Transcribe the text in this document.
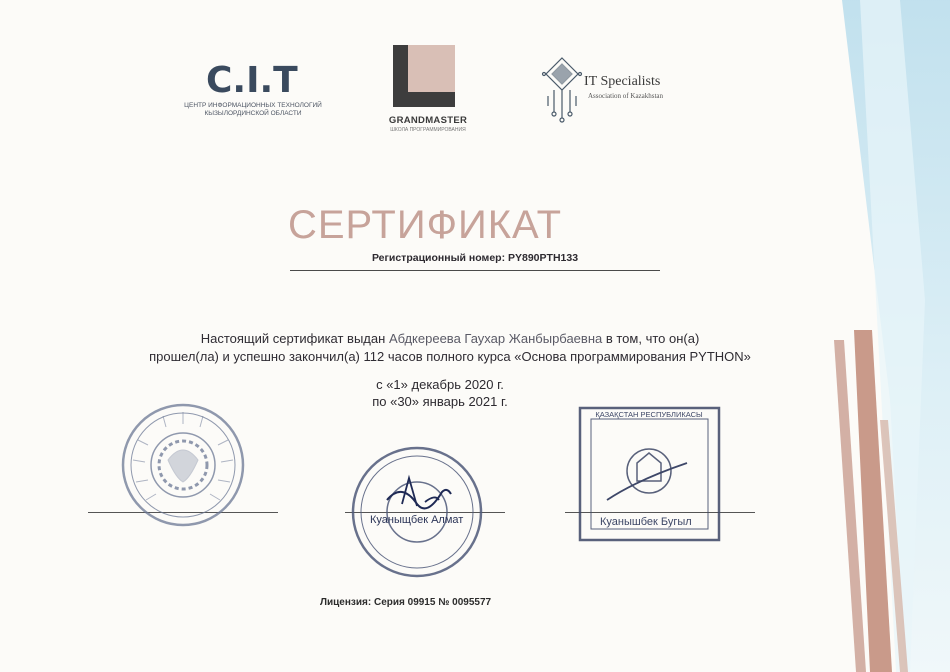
C.I.T
ЦЕНТР ИНФОРМАЦИОННЫХ ТЕХНОЛОГИЙ
КЫЗЫЛОРДИНСКОЙ ОБЛАСТИ
GRANDMASTER
ШКОЛА ПРОГРАММИРОВАНИЯ
IT Specialists
Association of Kazakhstan
СЕРТИФИКАТ
Регистрационный номер: PY890PTH133
Настоящий сертификат выдан Абдкереева Гаухар Жанбырбаевна в том, что он(а)
прошел(ла) и успешно закончил(а) 112 часов полного курса «Основа программирования PYTHON»
с «1» декабрь 2020 г.
по «30» январь 2021 г.
Куаныщбек Алмат
ҚАЗАҚСТАН РЕСПУБЛИКАСЫ
Куанышбек Бугыл
Лицензия: Серия 09915 № 0095577
